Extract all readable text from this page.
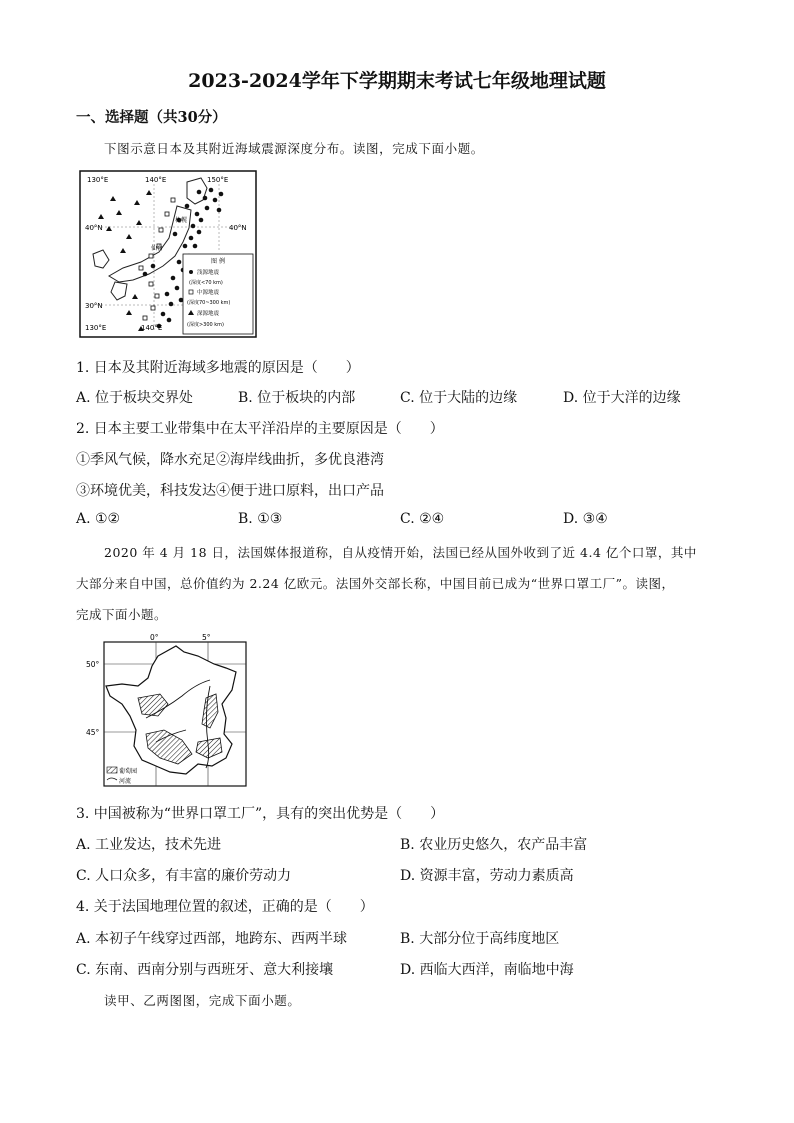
2023-2024学年下学期期末考试七年级地理试题
一、选择题（共30分）
下图示意日本及其附近海域震源深度分布。读图，完成下面小题。
图 例
浅源地震
(深度<70 km)
中源地震
(深度70~300 km)
深源地震
(深度>300 km)
130°E	140°E	150°E
130°E	140°E
40°N	40°N
30°N
札幌
仙台
1. 日本及其附近海域多地震的原因是（　　）
A. 位于板块交界处	B. 位于板块的内部	C. 位于大陆的边缘	D. 位于大洋的边缘
2. 日本主要工业带集中在太平洋沿岸的主要原因是（　　）
①季风气候，降水充足②海岸线曲折，多优良港湾
③环境优美，科技发达④便于进口原料，出口产品
A. ①②	B. ①③	C. ②④	D. ③④
2020 年 4 月 18 日，法国媒体报道称，自从疫情开始，法国已经从国外收到了近 4.4 亿个口罩，其中
大部分来自中国，总价值约为 2.24 亿欧元。法国外交部长称，中国目前已成为“世界口罩工厂”。读图，
完成下面小题。
0°	5°
50°
45°
葡萄园
河流
3. 中国被称为“世界口罩工厂”，具有的突出优势是（　　）
A. 工业发达，技术先进	B. 农业历史悠久，农产品丰富
C. 人口众多，有丰富的廉价劳动力	D. 资源丰富，劳动力素质高
4. 关于法国地理位置的叙述，正确的是（　　）
A. 本初子午线穿过西部，地跨东、西两半球	B. 大部分位于高纬度地区
C. 东南、西南分别与西班牙、意大利接壤	D. 西临大西洋，南临地中海
读甲、乙两图图，完成下面小题。
